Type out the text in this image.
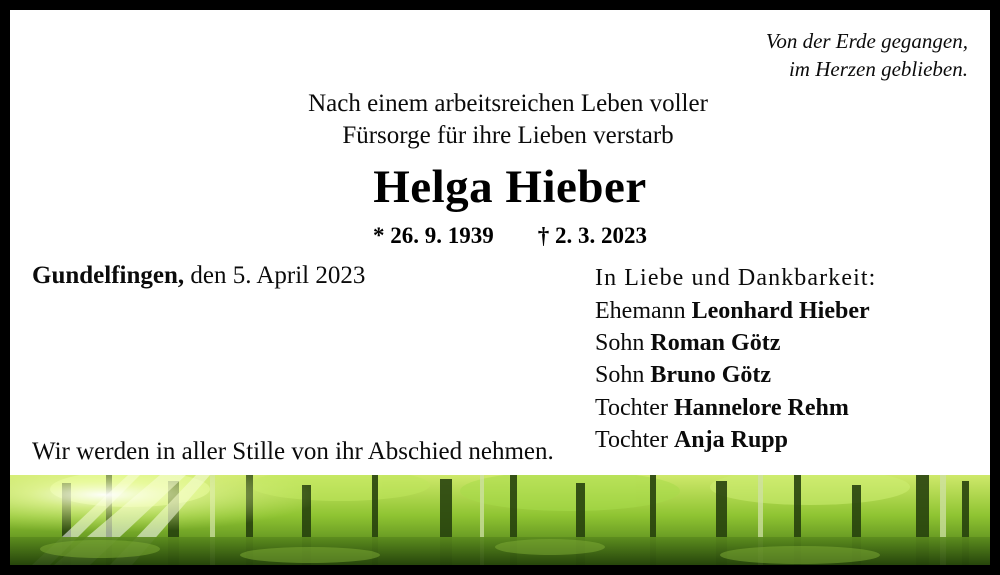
Von der Erde gegangen,
im Herzen geblieben.
Nach einem arbeitsreichen Leben voller
Fürsorge für ihre Lieben verstarb
Helga Hieber
* 26. 9. 1939 † 2. 3. 2023
Gundelfingen, den 5. April 2023	In Liebe und Dankbarkeit:
Ehemann Leonhard Hieber
Sohn Roman Götz
Sohn Bruno Götz
Tochter Hannelore Rehm
Tochter Anja Rupp
Wir werden in aller Stille von ihr Abschied nehmen.
